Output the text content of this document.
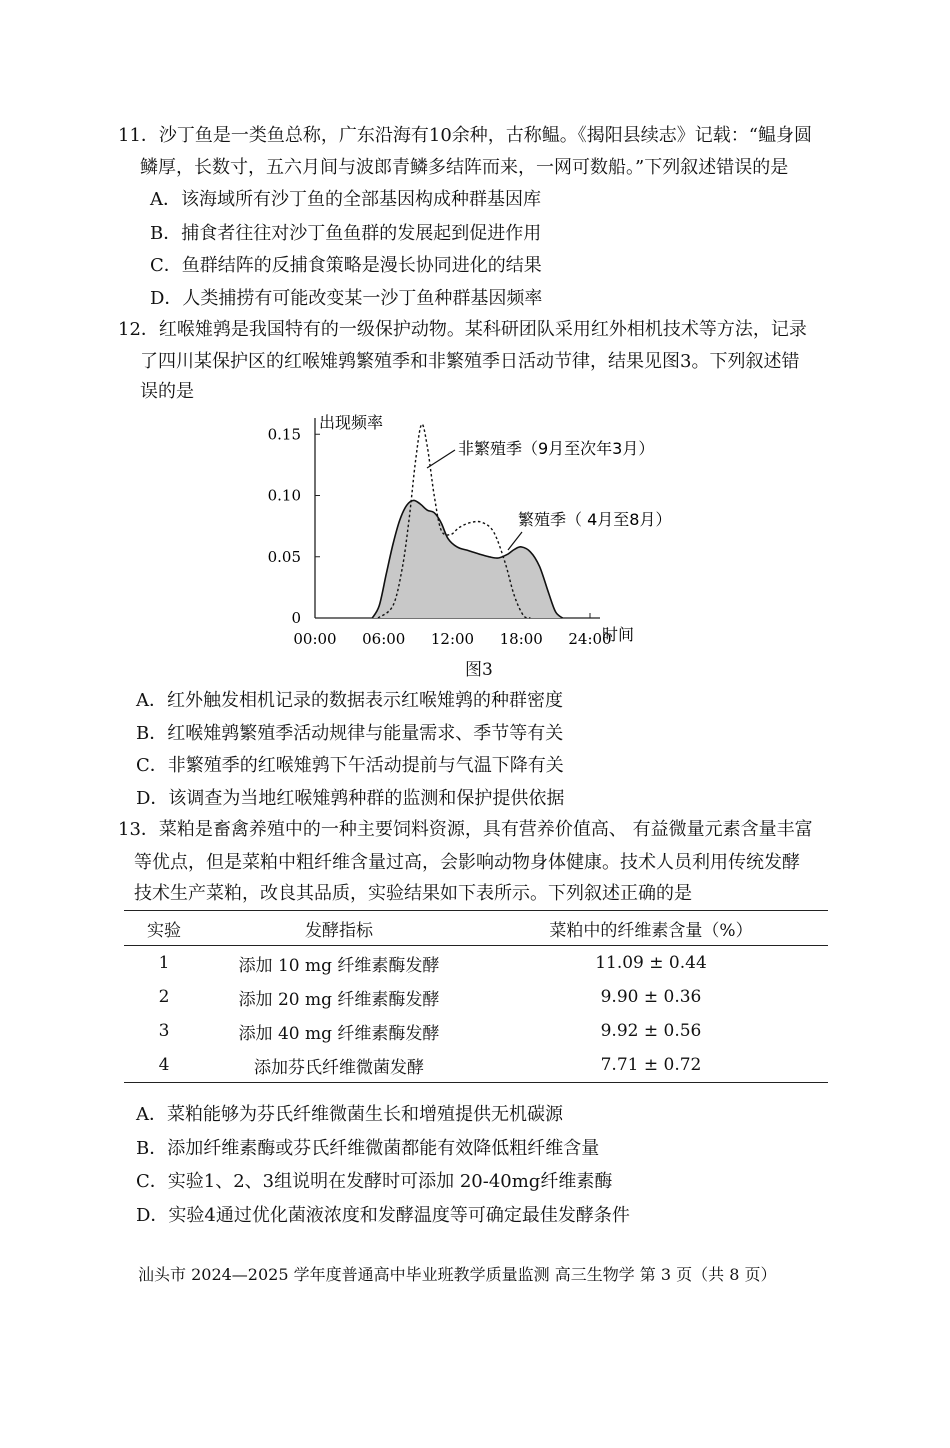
11．沙丁鱼是一类鱼总称，广东沿海有10余种，古称鳁。《揭阳县续志》记载：“鳁身圆
鳞厚，长数寸，五六月间与波郎青鳞多结阵而来，一网可数船。”下列叙述错误的是
A．该海域所有沙丁鱼的全部基因构成种群基因库
B．捕食者往往对沙丁鱼鱼群的发展起到促进作用
C．鱼群结阵的反捕食策略是漫长协同进化的结果
D．人类捕捞有可能改变某一沙丁鱼种群基因频率
12．红喉雉鹑是我国特有的一级保护动物。某科研团队采用红外相机技术等方法，记录
了四川某保护区的红喉雉鹑繁殖季和非繁殖季日活动节律，结果见图3。下列叙述错
误的是
0
0.05
0.10
0.15
00:00 06:00 12:00 18:00 24:00
出现频率
时间
非繁殖季（9月至次年3月）
繁殖季（ 4月至8月）
图3
A．红外触发相机记录的数据表示红喉雉鹑的种群密度
B．红喉雉鹑繁殖季活动规律与能量需求、季节等有关
C．非繁殖季的红喉雉鹑下午活动提前与气温下降有关
D．该调查为当地红喉雉鹑种群的监测和保护提供依据
13．菜粕是畜禽养殖中的一种主要饲料资源，具有营养价值高、 有益微量元素含量丰富
等优点，但是菜粕中粗纤维含量过高，会影响动物身体健康。技术人员利用传统发酵
技术生产菜粕，改良其品质，实验结果如下表所示。下列叙述正确的是
实验	发酵指标	菜粕中的纤维素含量（%）
1	添加 10 mg 纤维素酶发酵	11.09 ± 0.44
2	添加 20 mg 纤维素酶发酵	9.90 ± 0.36
3	添加 40 mg 纤维素酶发酵	9.92 ± 0.56
4	添加芬氏纤维微菌发酵	7.71 ± 0.72
A．菜粕能够为芬氏纤维微菌生长和增殖提供无机碳源
B．添加纤维素酶或芬氏纤维微菌都能有效降低粗纤维含量
C．实验1、2、3组说明在发酵时可添加 20-40mg纤维素酶
D．实验4通过优化菌液浓度和发酵温度等可确定最佳发酵条件
汕头市 2024—2025 学年度普通高中毕业班教学质量监测 高三生物学 第 3 页（共 8 页）
